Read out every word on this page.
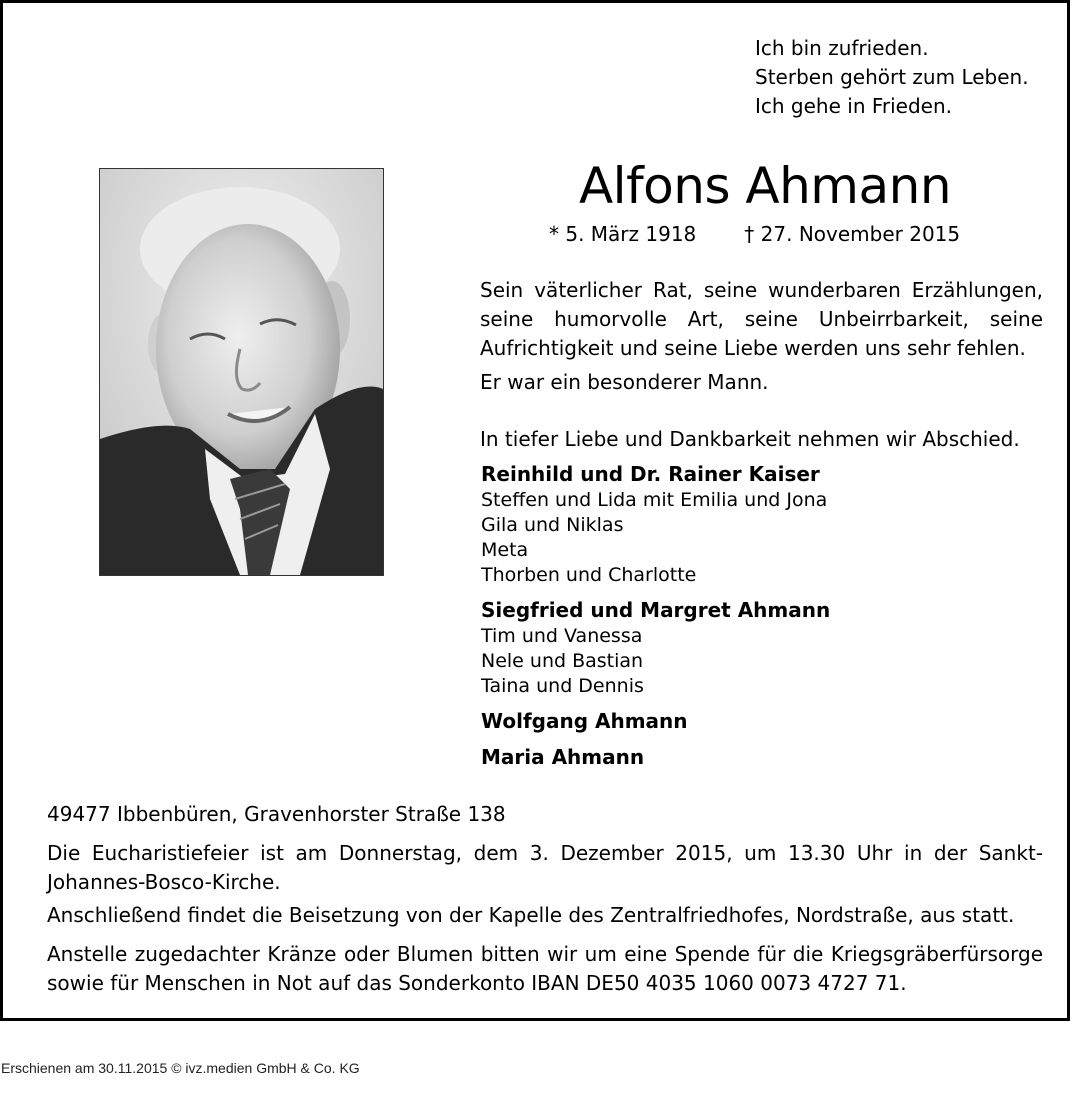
Ich bin zufrieden.
Sterben gehört zum Leben.
Ich gehe in Frieden.
Alfons Ahmann
* 5. März 1918 † 27. November 2015
Sein väterlicher Rat, seine wunderbaren Erzählungen, seine humorvolle Art, seine Unbeirrbarkeit, seine Aufrichtigkeit und seine Liebe werden uns sehr fehlen.
Er war ein besonderer Mann.
In tiefer Liebe und Dankbarkeit nehmen wir Abschied.
Reinhild und Dr. Rainer Kaiser
Steffen und Lida mit Emilia und Jona
Gila und Niklas
Meta
Thorben und Charlotte
Siegfried und Margret Ahmann
Tim und Vanessa
Nele und Bastian
Taina und Dennis
Wolfgang Ahmann
Maria Ahmann
49477 Ibbenbüren, Gravenhorster Straße 138
Die Eucharistiefeier ist am Donnerstag, dem 3. Dezember 2015, um 13.30 Uhr in der Sankt-Johannes-Bosco-Kirche.
Anschließend findet die Beisetzung von der Kapelle des Zentralfriedhofes, Nordstraße, aus statt.
Anstelle zugedachter Kränze oder Blumen bitten wir um eine Spende für die Kriegsgräberfürsorge sowie für Menschen in Not auf das Sonderkonto IBAN DE50 4035 1060 0073 4727 71.
Erschienen am 30.11.2015 © ivz.medien GmbH & Co. KG
